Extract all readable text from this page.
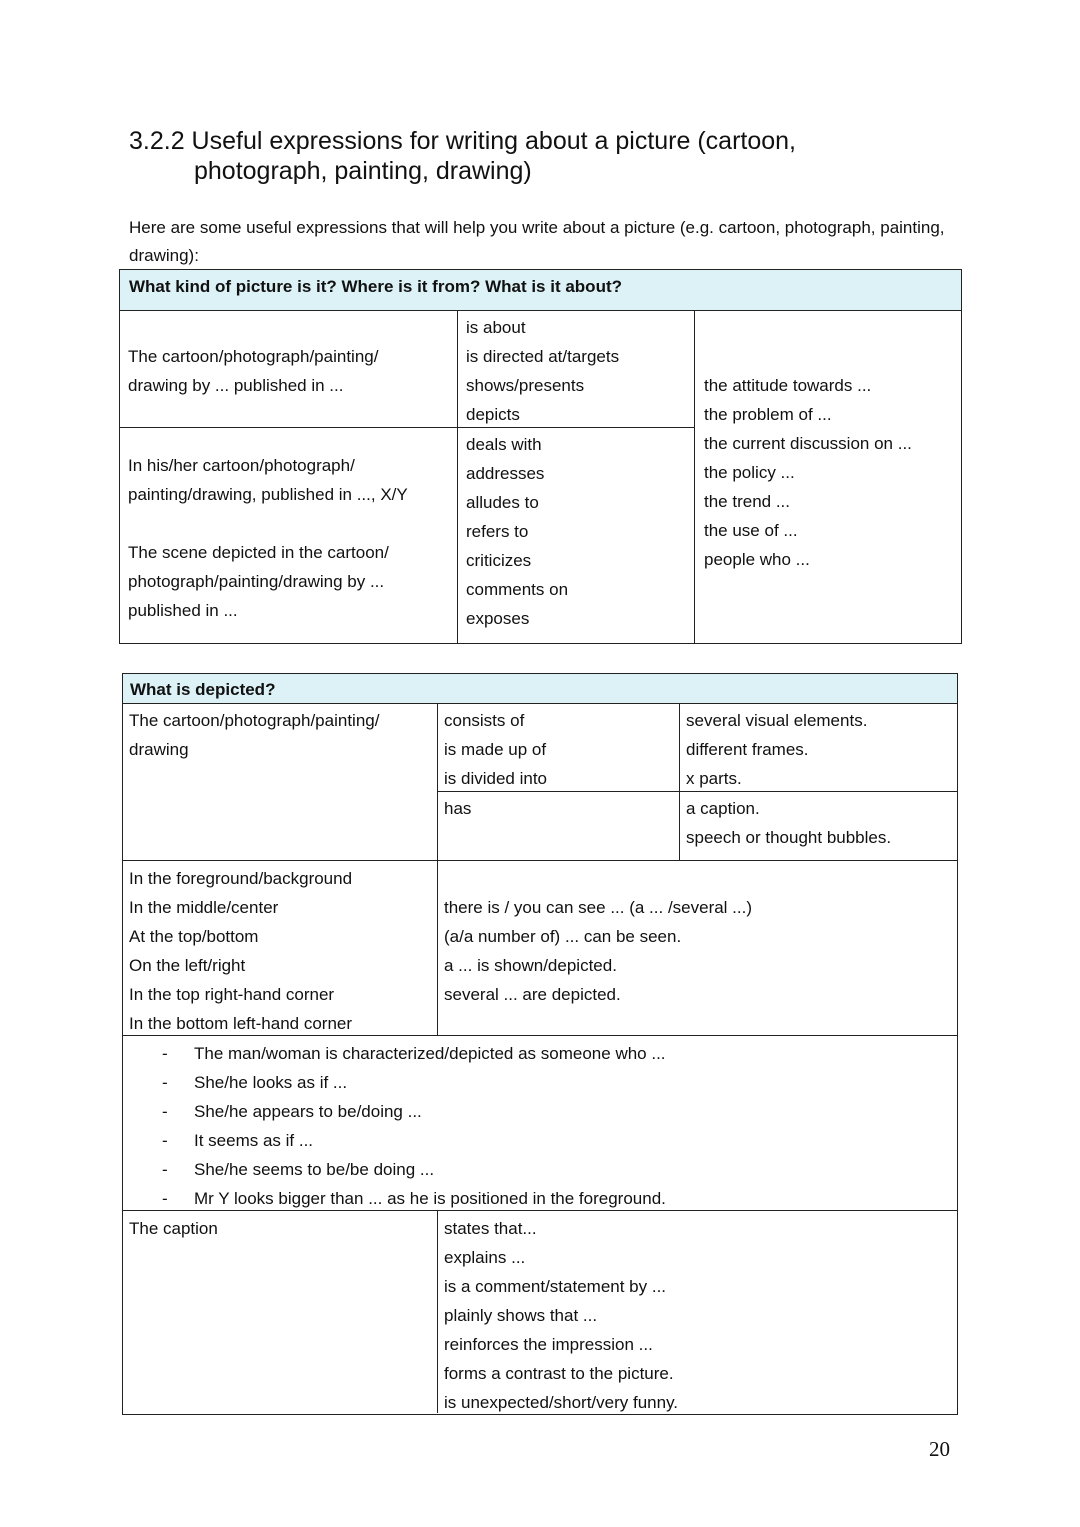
3.2.2 Useful expressions for writing about a picture (cartoon,
photograph, painting, drawing)

Here are some useful expressions that will help you write about a picture (e.g. cartoon, photograph, painting, drawing):

What kind of picture is it? Where is it from? What is it about?
The cartoon/photograph/painting/
drawing by ... published in ...
In his/her cartoon/photograph/
painting/drawing, published in ..., X/Y
The scene depicted in the cartoon/
photograph/painting/drawing by ...
published in ...
is about
is directed at/targets
shows/presents
depicts
deals with
addresses
alludes to
refers to
criticizes
comments on
exposes
the attitude towards ...
the problem of ...
the current discussion on ...
the policy ...
the trend ...
the use of ...
people who ...
What is depicted?
The cartoon/photograph/painting/
drawing
consists of
is made up of
is divided into
several visual elements.
different frames.
x parts.
has	a caption.
speech or thought bubbles.
In the foreground/background
In the middle/center
At the top/bottom
On the left/right
In the top right-hand corner
In the bottom left-hand corner
there is / you can see ... (a ... /several ...)
(a/a number of) ... can be seen.
a ... is shown/depicted.
several ... are depicted.
- The man/woman is characterized/depicted as someone who ...
- She/he looks as if ...
- She/he appears to be/doing ...
- It seems as if ...
- She/he seems to be/be doing ...
- Mr Y looks bigger than ... as he is positioned in the foreground.
The caption	states that...
explains ...
is a comment/statement by ...
plainly shows that ...
reinforces the impression ...
forms a contrast to the picture.
is unexpected/short/very funny.
20
